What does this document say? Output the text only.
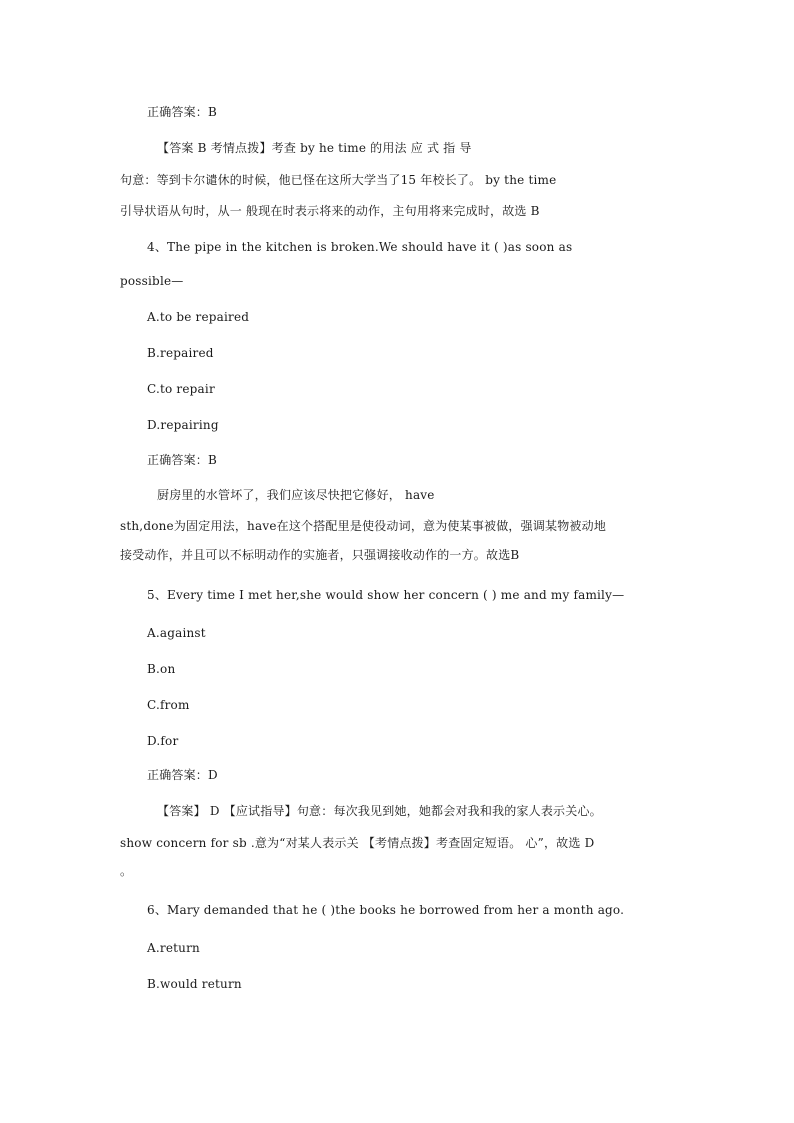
正确答案：B
【答案 B 考情点拨】考查 by he time 的用法 应 式 指 导
句意：等到卡尔谴休的时候，他已怪在这所大学当了15 年校长了。 by the time
引导状语从句时，从一 般现在时表示将来的动作，主句用将来完成时，故选 B
4、The pipe in the kitchen is broken.We should have it ( )as soon as
possible—
A.to be repaired
B.repaired
C.to repair
D.repairing
正确答案：B
厨房里的水管坏了，我们应该尽快把它修好， have
sth,done为固定用法，have在这个搭配里是使役动词，意为使某事被做，强调某物被动地
接受动作，并且可以不标明动作的实施者，只强调接收动作的一方。故选B
5、Every time I met her,she would show her concern ( ) me and my family—
A.against
B.on
C.from
D.for
正确答案：D
【答案】 D 【应试指导】句意：每次我见到她，她都会对我和我的家人表示关心。
show concern for sb .意为“对某人表示关 【考情点拨】考查固定短语。 心”，故选 D
。
6、Mary demanded that he ( )the books he borrowed from her a month ago.
A.return
B.would return
